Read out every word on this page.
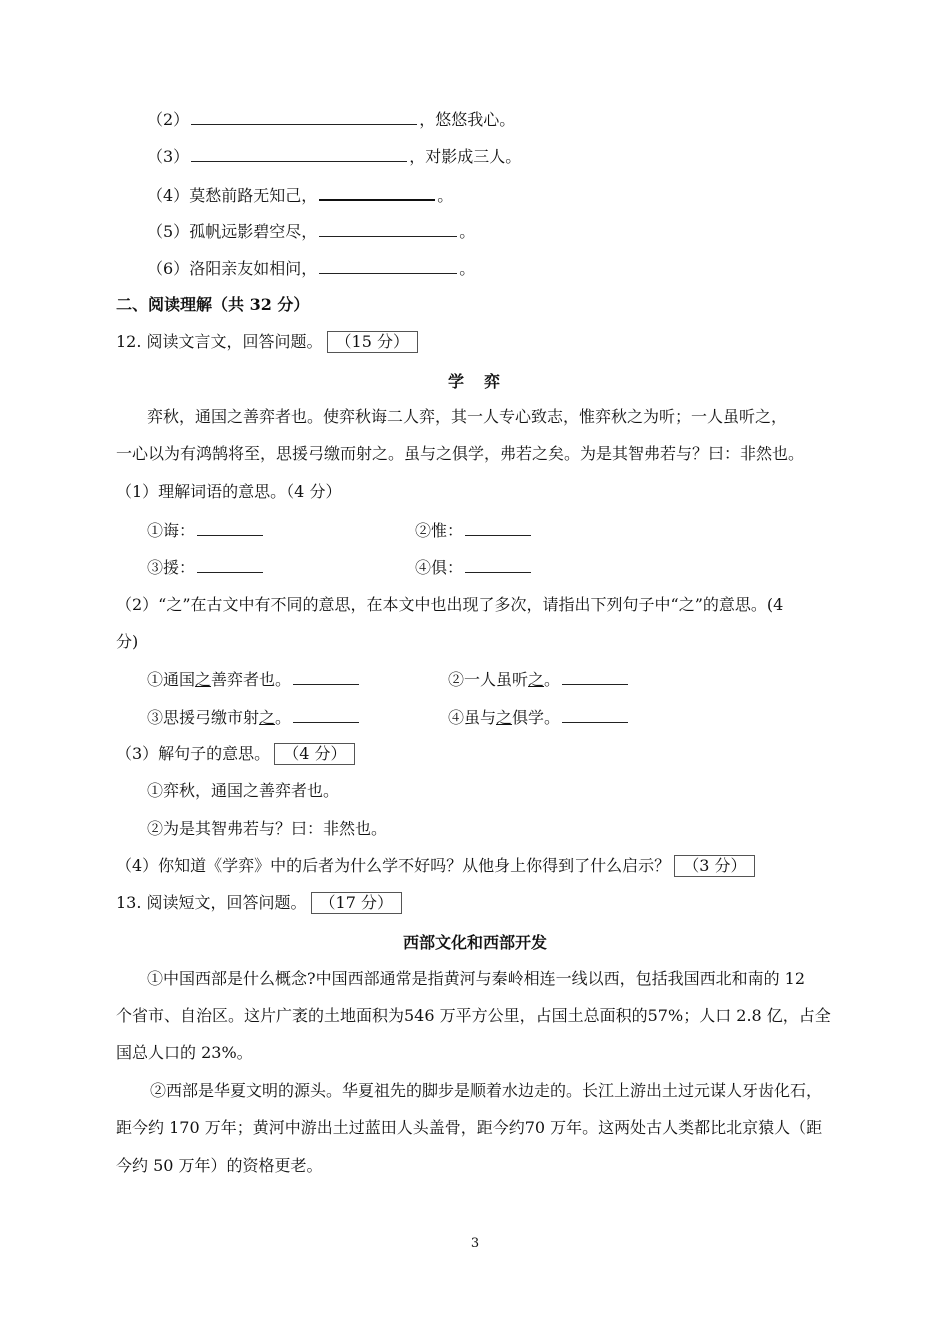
（2）	，悠悠我心。
（3）	，对影成三人。
（4）莫愁前路无知己，	。
（5）孤帆远影碧空尽，	。
（6）洛阳亲友如相问，	。
二、阅读理解（共 32 分）
12. 阅读文言文，回答问题。 （15 分）
学　弈
弈秋，通国之善弈者也。使弈秋诲二人弈，其一人专心致志，惟弈秋之为听；一人虽听之，
一心以为有鸿鹄将至，思援弓缴而射之。虽与之俱学，弗若之矣。为是其智弗若与？曰：非然也。
（1）理解词语的意思。（4 分）
①诲：	②惟：
③援：	④俱：
（2）“之”在古文中有不同的意思，在本文中也出现了多次，请指出下列句子中“之”的意思。(4
分)
①通国之善弈者也。	②一人虽听之。
③思援弓缴市射之。	④虽与之俱学。
（3）解句子的意思。 （4 分）
①弈秋，通国之善弈者也。
②为是其智弗若与？曰：非然也。
（4）你知道《学弈》中的后者为什么学不好吗？从他身上你得到了什么启示？ （3 分）
13. 阅读短文，回答问题。 （17 分）
西部文化和西部开发
①中国西部是什么概念?中国西部通常是指黄河与秦岭相连一线以西，包括我国西北和南的 12
个省市、自治区。这片广袤的土地面积为546 万平方公里，占国土总面积的57%；人口 2.8 亿，占全
国总人口的 23%。
②西部是华夏文明的源头。华夏祖先的脚步是顺着水边走的。长江上游出土过元谋人牙齿化石，
距今约 170 万年；黄河中游出土过蓝田人头盖骨，距今约70 万年。这两处古人类都比北京猿人（距
今约 50 万年）的资格更老。
3
